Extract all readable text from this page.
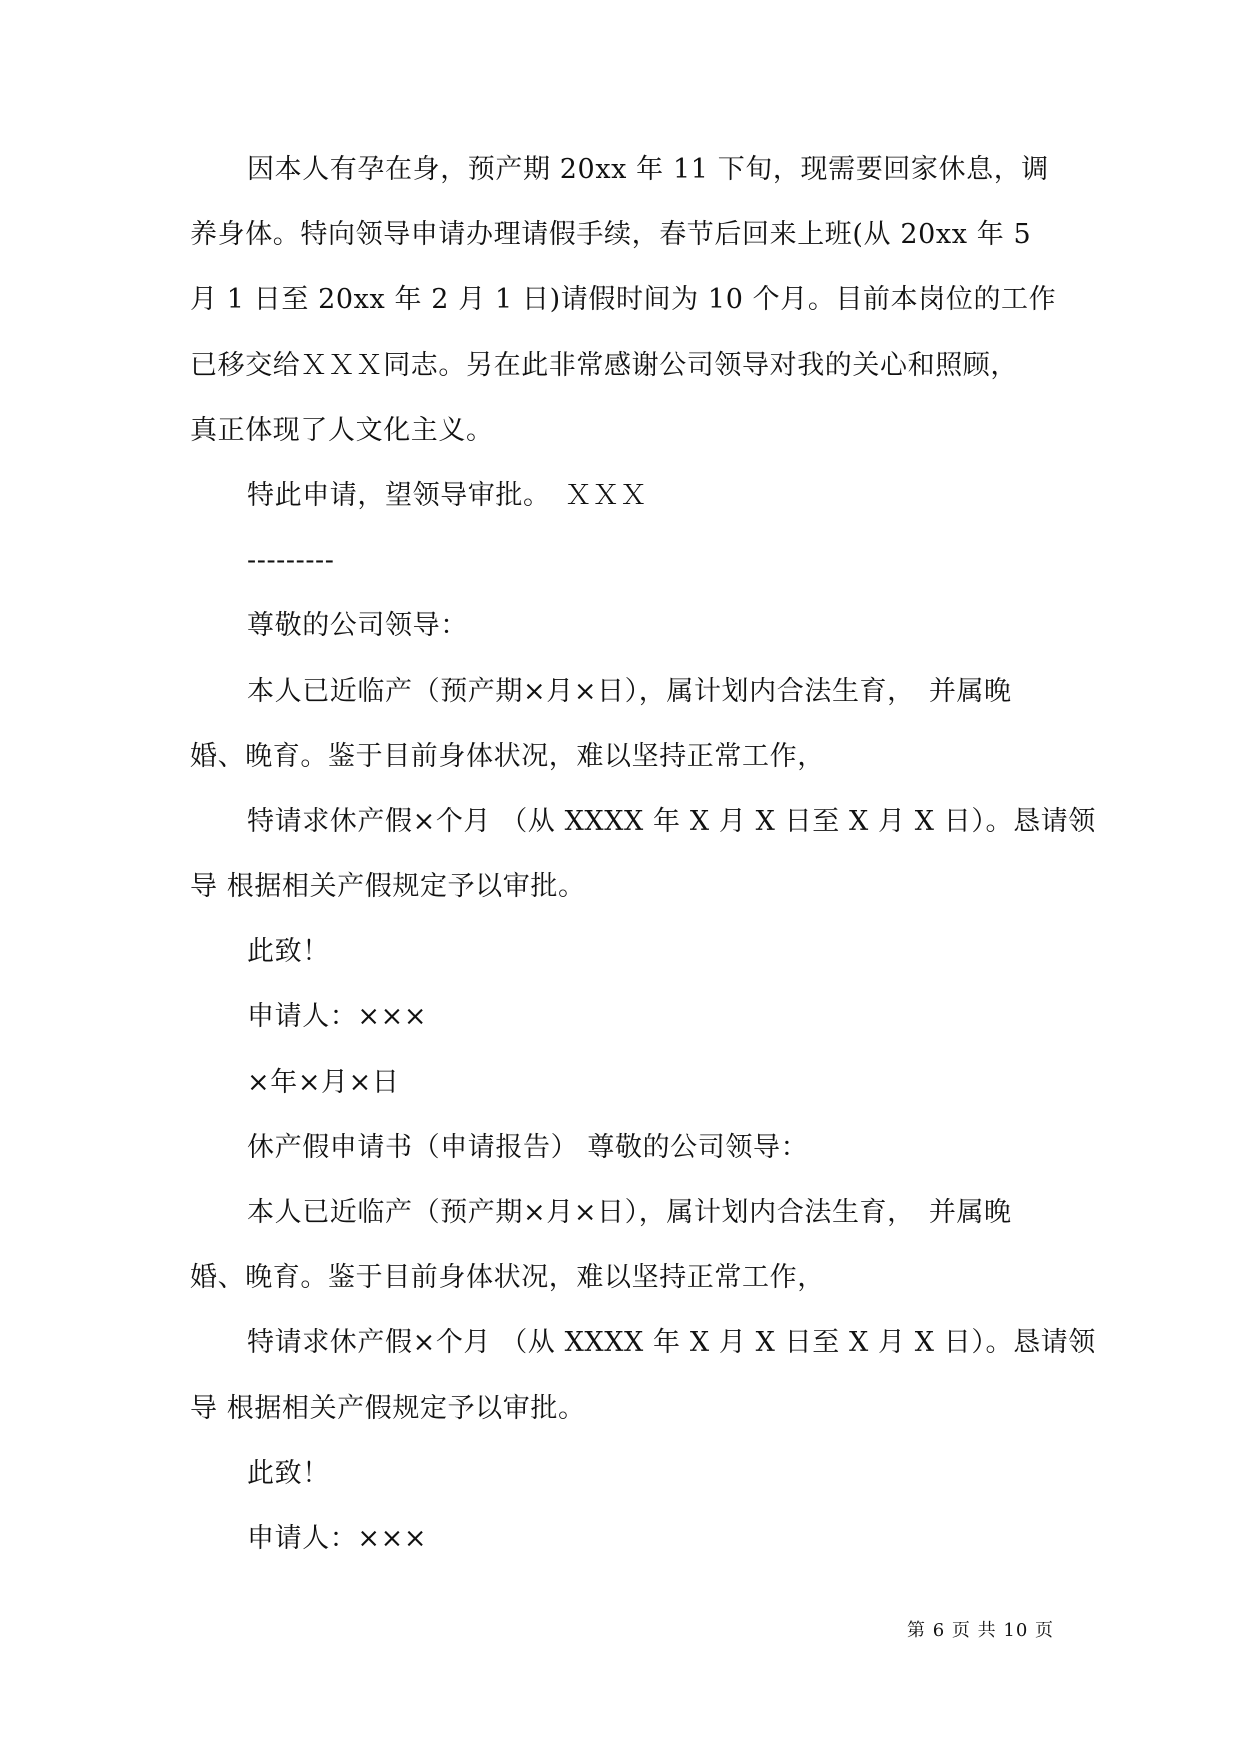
因本人有孕在身，预产期 20xx 年 11 下旬，现需要回家休息，调
养身体。特向领导申请办理请假手续，春节后回来上班(从 20xx 年 5
月 1 日至 20xx 年 2 月 1 日)请假时间为 10 个月。目前本岗位的工作
已移交给ＸＸＸ同志。另在此非常感谢公司领导对我的关心和照顾，
真正体现了人文化主义。
特此申请，望领导审批。　ＸＸＸ
---------
尊敬的公司领导：
本人已近临产（预产期×月×日），属计划内合法生育，　并属晚
婚、晚育。鉴于目前身体状况，难以坚持正常工作，
特请求休产假×个月 （从 XXXX 年 X 月 X 日至 X 月 X 日）。恳请领
导 根据相关产假规定予以审批。
此致！
申请人：×××
×年×月×日
休产假申请书（申请报告） 尊敬的公司领导：
本人已近临产（预产期×月×日），属计划内合法生育，　并属晚
婚、晚育。鉴于目前身体状况，难以坚持正常工作，
特请求休产假×个月 （从 XXXX 年 X 月 X 日至 X 月 X 日）。恳请领
导 根据相关产假规定予以审批。
此致！
申请人：×××
第 6 页 共 10 页
